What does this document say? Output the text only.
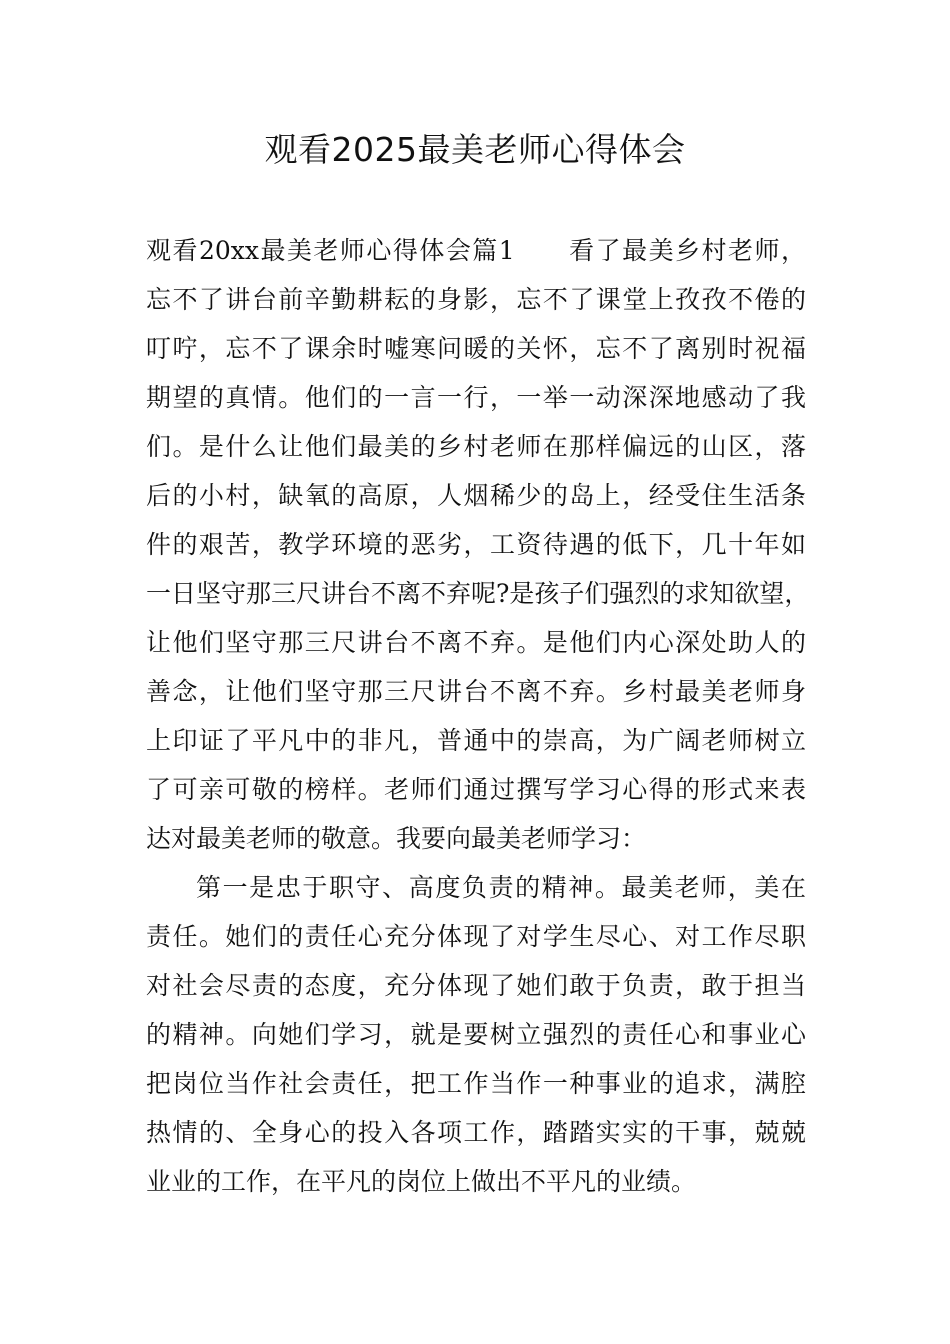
观看2025最美老师心得体会
观看20xx最美老师心得体会篇1　　看了最美乡村老师，
忘不了讲台前辛勤耕耘的身影，忘不了课堂上孜孜不倦的
叮咛，忘不了课余时嘘寒问暖的关怀，忘不了离别时祝福
期望的真情。他们的一言一行，一举一动深深地感动了我
们。是什么让他们最美的乡村老师在那样偏远的山区，落
后的小村，缺氧的高原，人烟稀少的岛上，经受住生活条
件的艰苦，教学环境的恶劣，工资待遇的低下，几十年如
一日坚守那三尺讲台不离不弃呢?是孩子们强烈的求知欲望，
让他们坚守那三尺讲台不离不弃。是他们内心深处助人的
善念，让他们坚守那三尺讲台不离不弃。乡村最美老师身
上印证了平凡中的非凡，普通中的崇高，为广阔老师树立
了可亲可敬的榜样。老师们通过撰写学习心得的形式来表
达对最美老师的敬意。我要向最美老师学习：
第一是忠于职守、高度负责的精神。最美老师，美在
责任。她们的责任心充分体现了对学生尽心、对工作尽职
对社会尽责的态度，充分体现了她们敢于负责，敢于担当
的精神。向她们学习，就是要树立强烈的责任心和事业心
把岗位当作社会责任，把工作当作一种事业的追求，满腔
热情的、全身心的投入各项工作，踏踏实实的干事，兢兢
业业的工作，在平凡的岗位上做出不平凡的业绩。
